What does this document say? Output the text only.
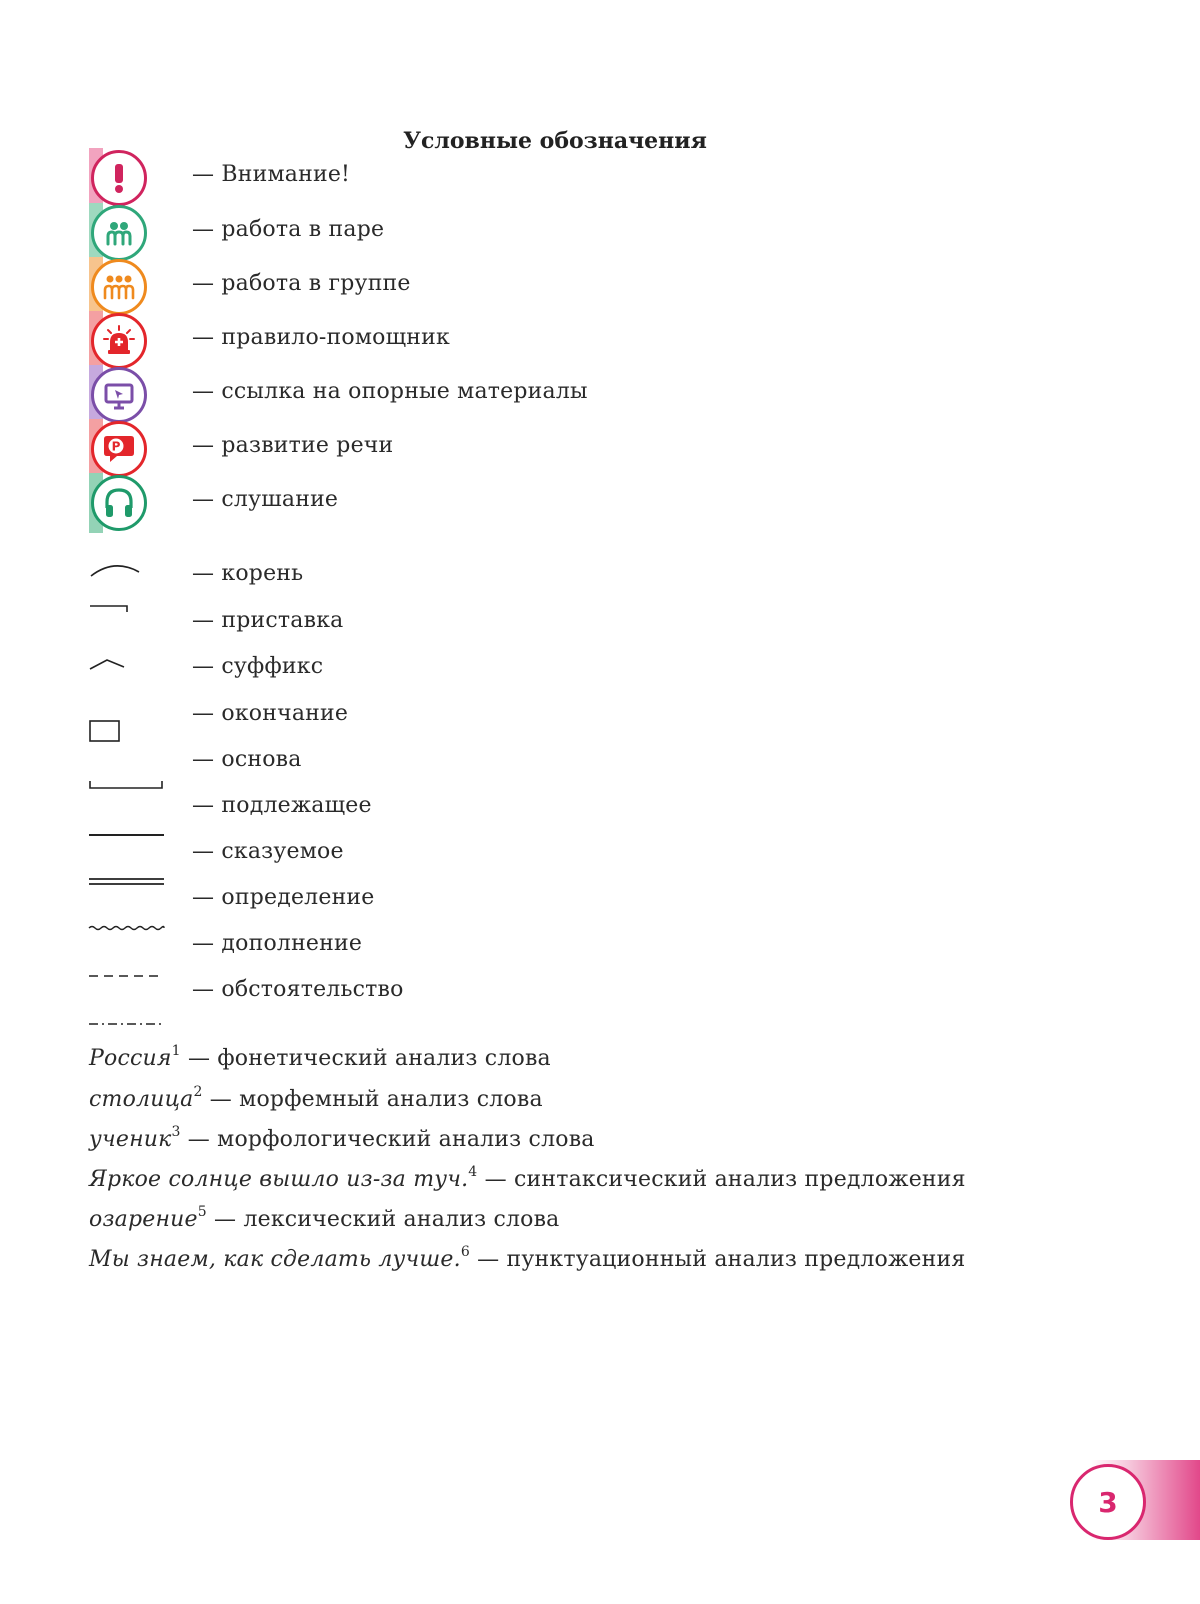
Условные обозначения
— Внимание!
— работа в паре
— работа в группе
— правило-помощник
— ссылка на опорные материалы
P	— развитие речи
— слушание
— корень
— приставка
— суффикс
— окончание
— основа
— подлежащее
— сказуемое
— определение
— дополнение
— обстоятельство
Россия$^1$ — фонетический анализ слова
столица$^2$ — морфемный анализ слова
ученик$^3$ — морфологический анализ слова
Яркое солнце вышло из-за туч.$^4$ — синтаксический анализ предложения
озарение$^5$ — лексический анализ слова
Мы знаем, как сделать лучше.$^6$ — пунктуационный анализ предложения
3
